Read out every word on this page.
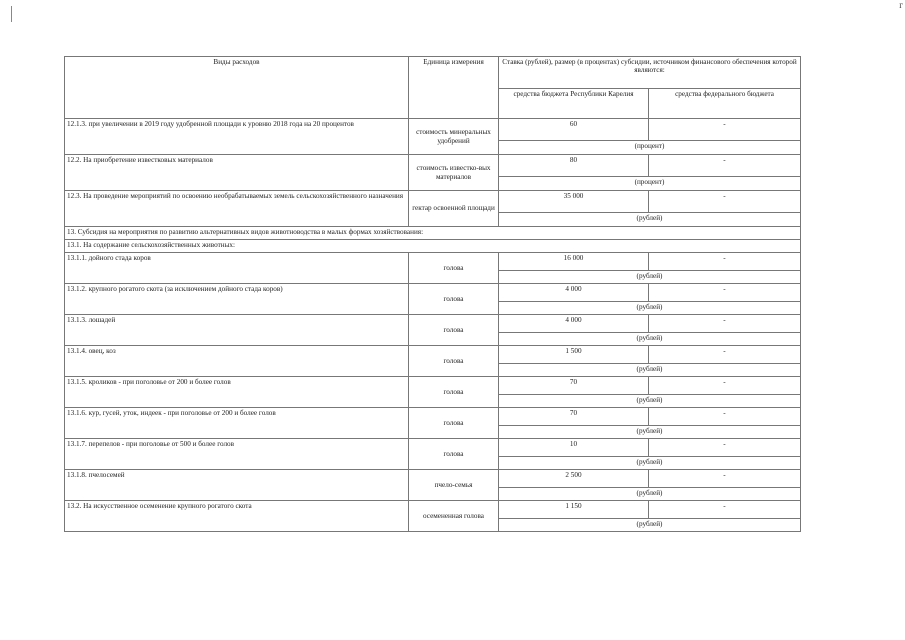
г
Виды расходов	Единица измерения	Ставка (рублей), размер (в процентах) субсидии, источником финансового обеспечения которой являются:	
		средства бюджета Республики Карелия	средства федерального бюджета
12.1.3. при увеличении в 2019 году удобренной площади к уровню 2018 года на 20 процентов	стоимость минеральных удобрений	60	-
		(процент)	
12.2. На приобретение известковых материалов	стоимость известко-вых материалов	80	-
		(процент)	
12.3. На проведение мероприятий по освоению необрабатываемых земель сельскохозяйственного назначения	гектар освоенной площади	35 000	-
		(рублей)	
13. Субсидия на мероприятия по развитию альтернативных видов животноводства в малых формах хозяйствования:			
13.1. На содержание сельскохозяйственных животных:			
13.1.1. дойного стада коров	голова	16 000	-
		(рублей)	
13.1.2. крупного рогатого скота (за исключением дойного стада коров)	голова	4 000	-
		(рублей)	
13.1.3. лошадей	голова	4 000	-
		(рублей)	
13.1.4. овец, коз	голова	1 500	-
		(рублей)	
13.1.5. кроликов - при поголовье от 200 и более голов	голова	70	-
		(рублей)	
13.1.6. кур, гусей, уток, индеек - при поголовье от 200 и более голов	голова	70	-
		(рублей)	
13.1.7. перепелов - при поголовье от 500 и более голов	голова	10	-
		(рублей)	
13.1.8. пчелосемей	пчело-семья	2 500	-
		(рублей)	
13.2. На искусственное осеменение крупного рогатого скота	осемененная голова	1 150	-
		(рублей)	
